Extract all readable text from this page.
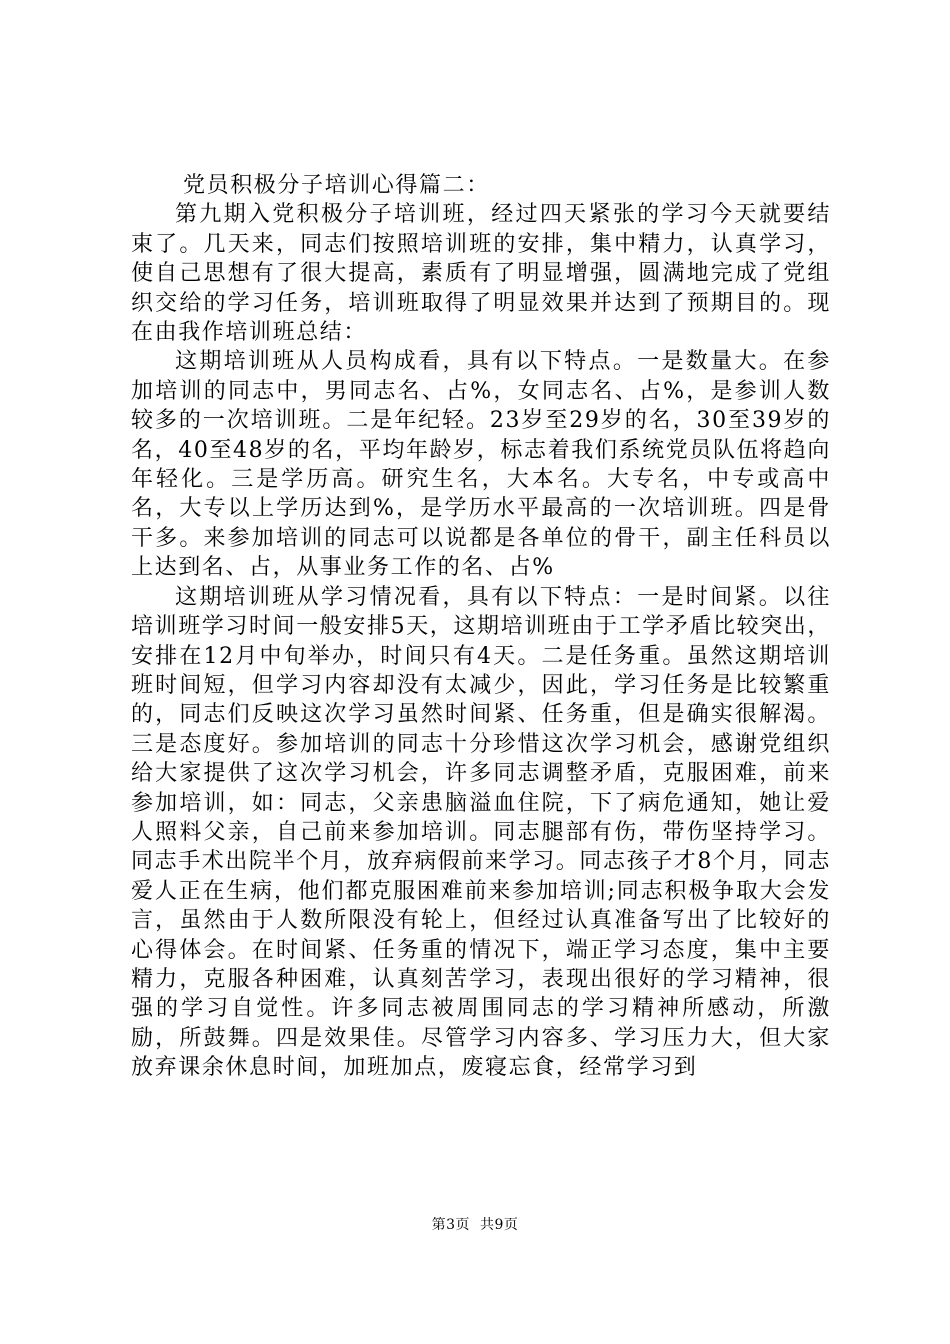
党员积极分子培训心得篇二：

第九期入党积极分子培训班，经过四天紧张的学习今天就要结束了。几天来，同志们按照培训班的安排，集中精力，认真学习，使自己思想有了很大提高，素质有了明显增强，圆满地完成了党组织交给的学习任务，培训班取得了明显效果并达到了预期目的。现在由我作培训班总结：

这期培训班从人员构成看，具有以下特点。一是数量大。在参加培训的同志中，男同志名、占%，女同志名、占%，是参训人数较多的一次培训班。二是年纪轻。23岁至29岁的名，30至39岁的名，40至48岁的名，平均年龄岁，标志着我们系统党员队伍将趋向年轻化。三是学历高。研究生名，大本名。大专名，中专或高中名，大专以上学历达到%，是学历水平最高的一次培训班。四是骨干多。来参加培训的同志可以说都是各单位的骨干，副主任科员以上达到名、占，从事业务工作的名、占%

这期培训班从学习情况看，具有以下特点：一是时间紧。以往培训班学习时间一般安排5天，这期培训班由于工学矛盾比较突出，安排在12月中旬举办，时间只有4天。二是任务重。虽然这期培训班时间短，但学习内容却没有太减少，因此，学习任务是比较繁重的，同志们反映这次学习虽然时间紧、任务重，但是确实很解渴。三是态度好。参加培训的同志十分珍惜这次学习机会，感谢党组织给大家提供了这次学习机会，许多同志调整矛盾，克服困难，前来参加培训，如：同志，父亲患脑溢血住院，下了病危通知，她让爱人照料父亲，自己前来参加培训。同志腿部有伤，带伤坚持学习。同志手术出院半个月，放弃病假前来学习。同志孩子才8个月，同志爱人正在生病，他们都克服困难前来参加培训;同志积极争取大会发言，虽然由于人数所限没有轮上，但经过认真准备写出了比较好的心得体会。在时间紧、任务重的情况下，端正学习态度，集中主要精力，克服各种困难，认真刻苦学习，表现出很好的学习精神，很强的学习自觉性。许多同志被周围同志的学习精神所感动，所激励，所鼓舞。四是效果佳。尽管学习内容多、学习压力大，但大家放弃课余休息时间，加班加点，废寝忘食，经常学习到

第3页  共9页
